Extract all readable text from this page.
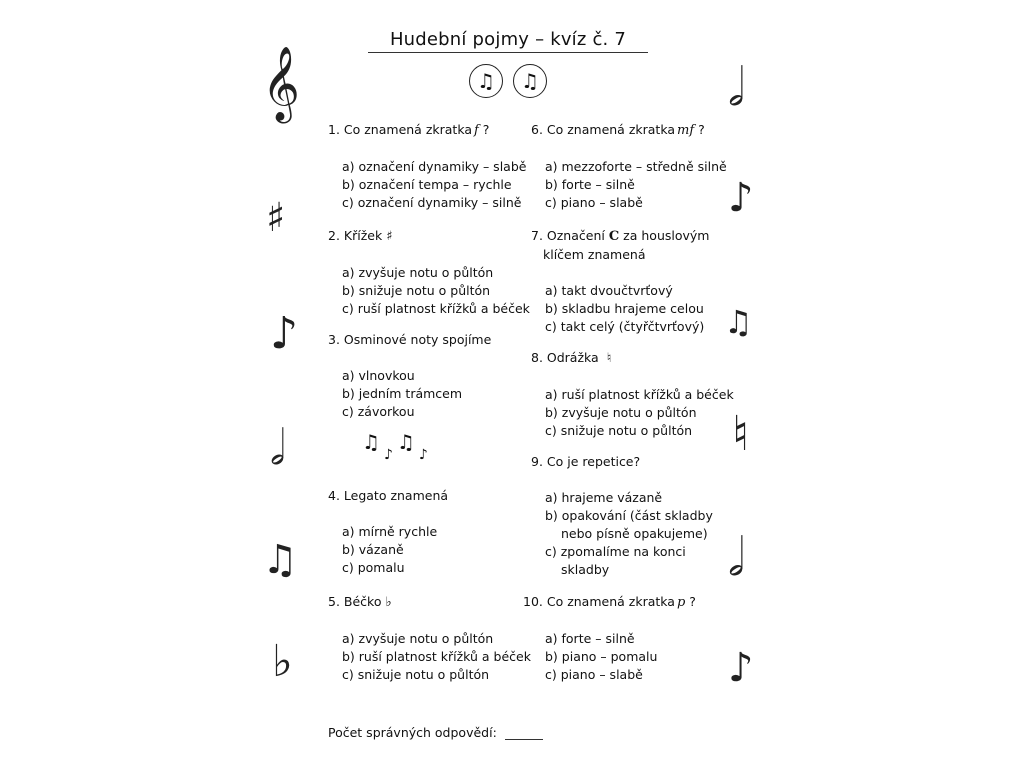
Hudební pojmy – kvíz č. 7
♫	♫
1. Co znamená zkratka f ?
a) označení dynamiky – slabě
b) označení tempa – rychle
c) označení dynamiky – silně
2. Křížek ♯
a) zvyšuje notu o půltón
b) snižuje notu o půltón
c) ruší platnost křížků a béček
3. Osminové noty spojíme
a) vlnovkou
b) jedním trámcem
c) závorkou
4. Legato znamená
a) mírně rychle
b) vázaně
c) pomalu
5. Béčko ♭
a) zvyšuje notu o půltón
b) ruší platnost křížků a béček
c) snižuje notu o půltón
♫♪♫♪
6. Co znamená zkratka mf ?
a) mezzoforte – středně silně
b) forte – silně
c) piano – slabě
7. Označení C za houslovým
klíčem znamená
a) takt dvoučtvrťový
b) skladbu hrajeme celou
c) takt celý (čtyřčtvrťový)
8. Odrážka ♮
a) ruší platnost křížků a béček
b) zvyšuje notu o půltón
c) snižuje notu o půltón
9. Co je repetice?
a) hrajeme vázaně
b) opakování (část skladby
nebo písně opakujeme)
c) zpomalíme na konci
skladby
10. Co znamená zkratka p ?
a) forte – silně
b) piano – pomalu
c) piano – slabě
𝄞
♯
♪
𝅗𝅥
♫
♭
𝅗𝅥
♪
♫
♮
𝅗𝅥
♪
Počet správných odpovědí:
